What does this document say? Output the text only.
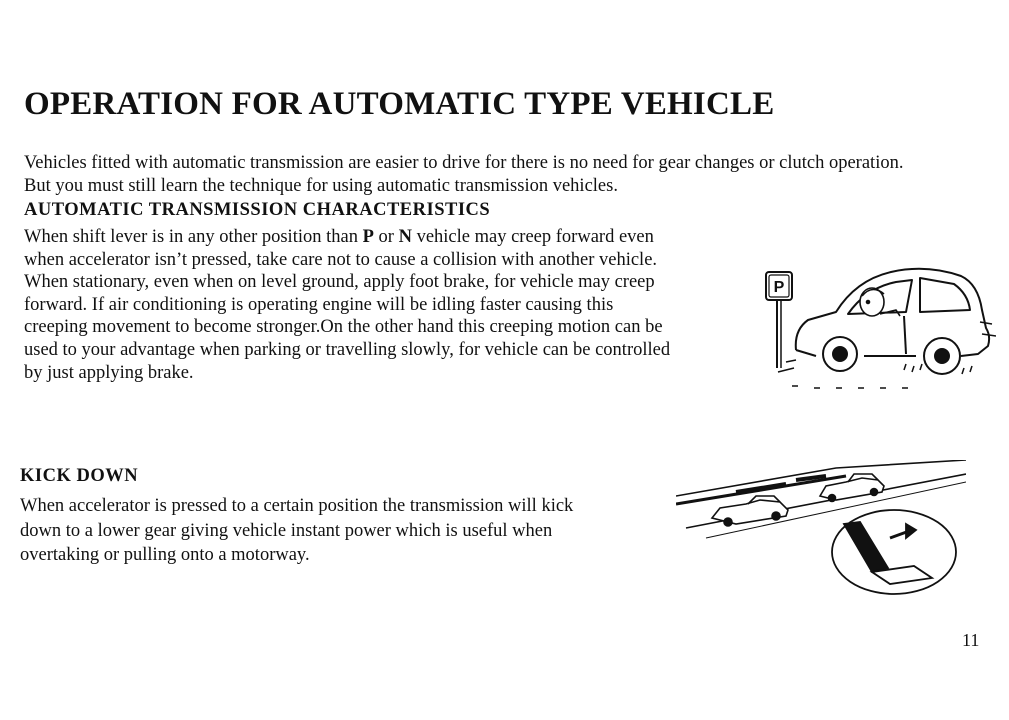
OPERATION FOR AUTOMATIC TYPE VEHICLE

Vehicles fitted with automatic transmission are easier to drive for there is no need for gear changes or clutch operation.

But you must still learn the technique for using automatic transmission vehicles.

AUTOMATIC TRANSMISSION CHARACTERISTICS

When shift lever is in any other position than P or N vehicle may creep forward even

when accelerator isn’t pressed, take care not to cause a collision with another vehicle.

When stationary, even when on level ground, apply foot brake, for vehicle may creep

forward. If air conditioning is operating engine will be idling faster causing this

creeping movement to become stronger.On the other hand this creeping motion can be

used to your advantage when parking or travelling slowly, for vehicle can be controlled

by just applying brake.

P
KICK DOWN

When accelerator is pressed to a certain position the transmission will kick

down to a lower gear giving vehicle instant power which is useful when

overtaking or pulling onto a motorway.

11
